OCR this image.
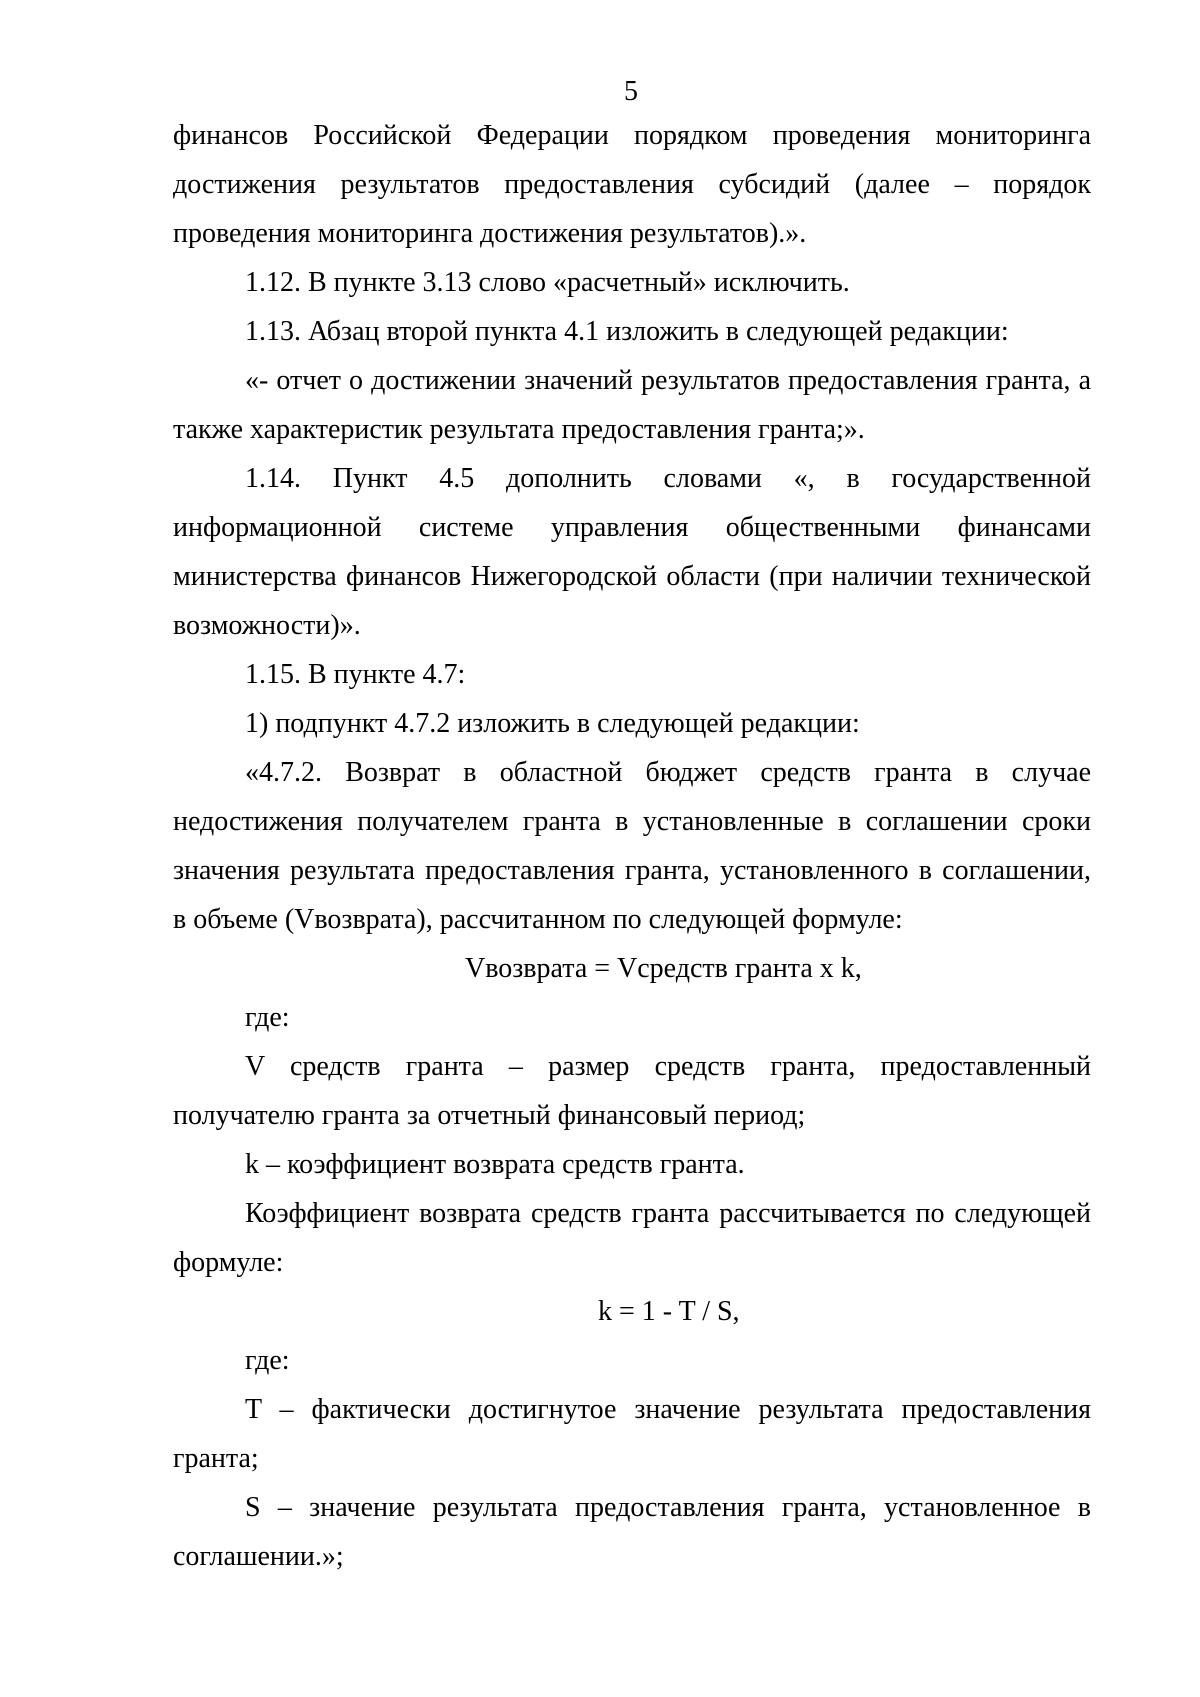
5

финансов Российской Федерации порядком проведения мониторинга достижения результатов предоставления субсидий (далее – порядок проведения мониторинга достижения результатов).».

1.12. В пункте 3.13 слово «расчетный» исключить.

1.13. Абзац второй пункта 4.1 изложить в следующей редакции:

«- отчет о достижении значений результатов предоставления гранта, а также характеристик результата предоставления гранта;».

1.14. Пункт 4.5 дополнить словами «, в государственной информационной системе управления общественными финансами министерства финансов Нижегородской области (при наличии технической возможности)».

1.15. В пункте 4.7:

1) подпункт 4.7.2 изложить в следующей редакции:

«4.7.2. Возврат в областной бюджет средств гранта в случае недостижения получателем гранта в установленные в соглашении сроки значения результата предоставления гранта, установленного в соглашении, в объеме (Vвозврата), рассчитанном по следующей формуле:

Vвозврата = Vсредств гранта x k,

где:

V средств гранта – размер средств гранта, предоставленный получателю гранта за отчетный финансовый период;

k – коэффициент возврата средств гранта.

Коэффициент возврата средств гранта рассчитывается по следующей формуле:

k = 1 - T / S,

где:

T – фактически достигнутое значение результата предоставления гранта;

S – значение результата предоставления гранта, установленное в соглашении.»;
